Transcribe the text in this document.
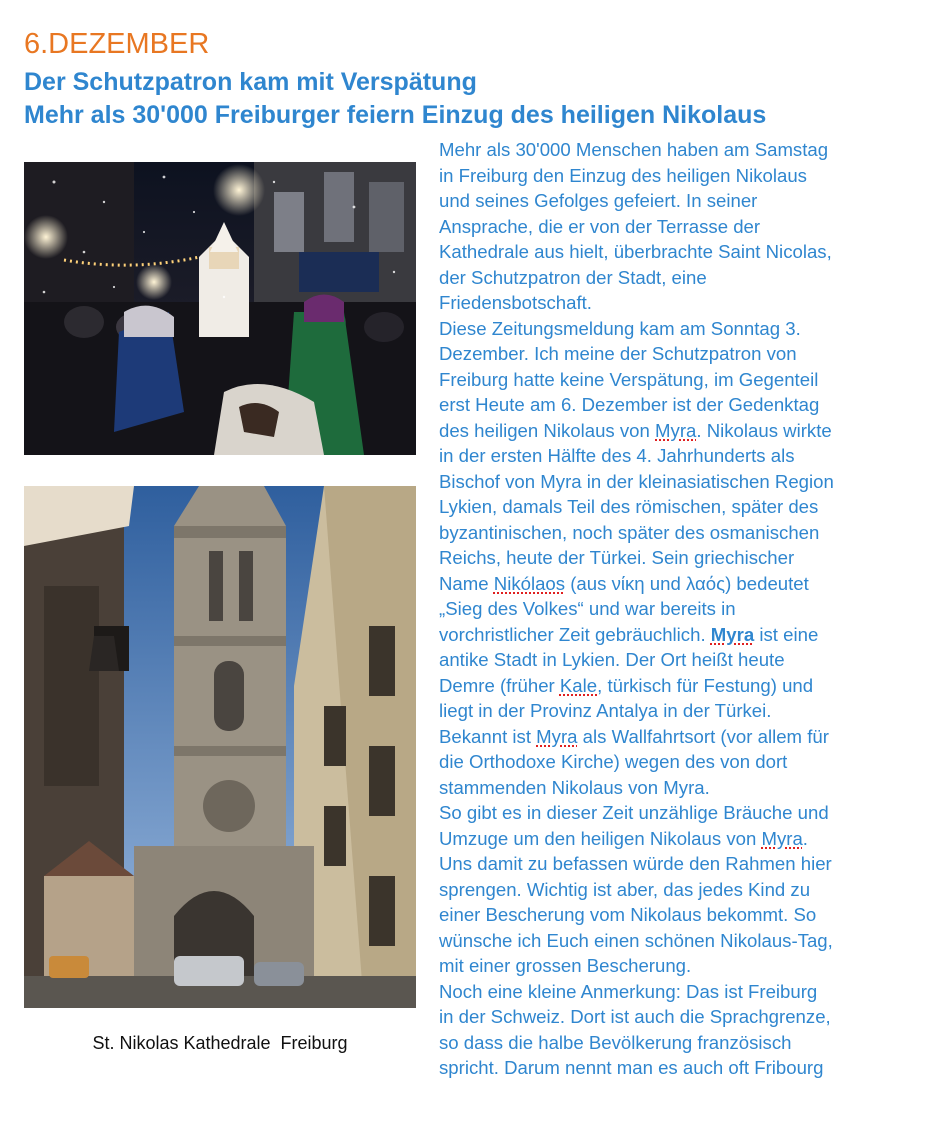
6.DEZEMBER
Der Schutzpatron kam mit Verspätung
Mehr als 30'000 Freiburger feiern Einzug des heiligen Nikolaus
St. Nikolas Kathedrale  Freiburg
Mehr als 30'000 Menschen haben am Samstag
in Freiburg den Einzug des heiligen Nikolaus
und seines Gefolges gefeiert. In seiner
Ansprache, die er von der Terrasse der
Kathedrale aus hielt, überbrachte Saint Nicolas,
der Schutzpatron der Stadt, eine
Friedensbotschaft.
Diese Zeitungsmeldung kam am Sonntag 3.
Dezember. Ich meine der Schutzpatron von
Freiburg hatte keine Verspätung, im Gegenteil
erst Heute am 6. Dezember ist der Gedenktag
des heiligen Nikolaus von Myra. Nikolaus wirkte
in der ersten Hälfte des 4. Jahrhunderts als
Bischof von Myra in der kleinasiatischen Region
Lykien, damals Teil des römischen, später des
byzantinischen, noch später des osmanischen
Reichs, heute der Türkei. Sein griechischer
Name Nikólaos (aus νίκη und λαός) bedeutet
„Sieg des Volkes“ und war bereits in
vorchristlicher Zeit gebräuchlich. Myra ist eine
antike Stadt in Lykien. Der Ort heißt heute
Demre (früher Kale, türkisch für Festung) und
liegt in der Provinz Antalya in der Türkei.
Bekannt ist Myra als Wallfahrtsort (vor allem für
die Orthodoxe Kirche) wegen des von dort
stammenden Nikolaus von Myra.
So gibt es in dieser Zeit unzählige Bräuche und
Umzuge um den heiligen Nikolaus von Myra.
Uns damit zu befassen würde den Rahmen hier
sprengen. Wichtig ist aber, das jedes Kind zu
einer Bescherung vom Nikolaus bekommt. So
wünsche ich Euch einen schönen Nikolaus-Tag,
mit einer grossen Bescherung.
Noch eine kleine Anmerkung: Das ist Freiburg
in der Schweiz. Dort ist auch die Sprachgrenze,
so dass die halbe Bevölkerung französisch
spricht. Darum nennt man es auch oft Fribourg
